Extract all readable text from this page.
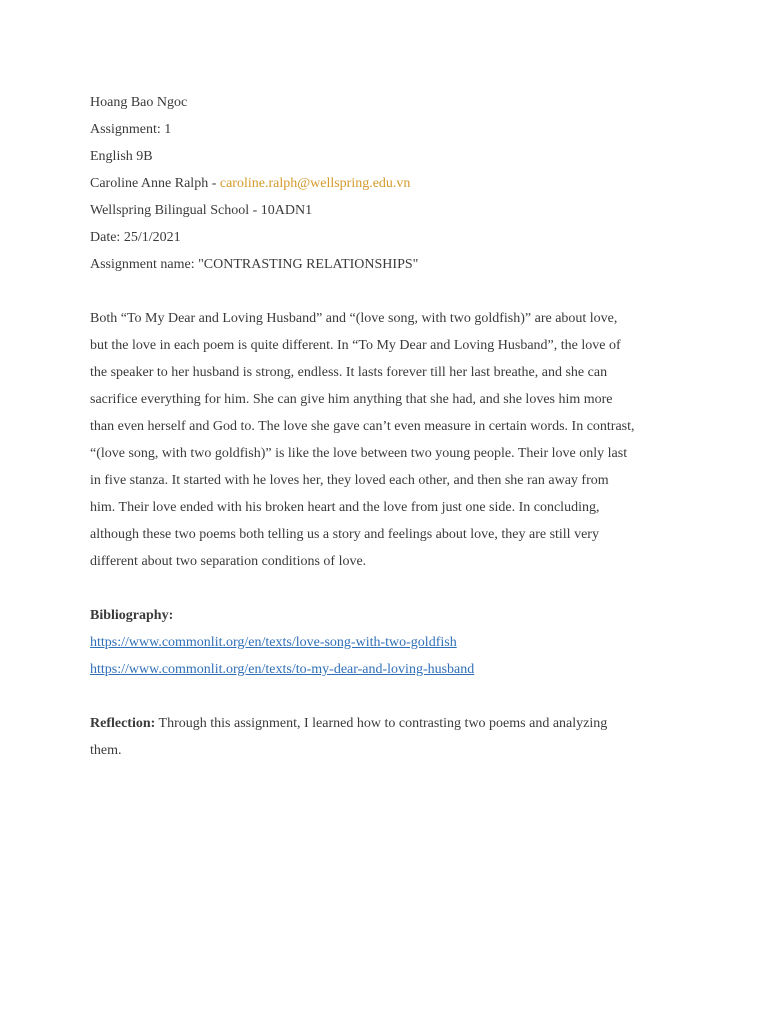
Hoang Bao Ngoc
Assignment: 1
English 9B
Caroline Anne Ralph - caroline.ralph@wellspring.edu.vn
Wellspring Bilingual School - 10ADN1
Date: 25/1/2021
Assignment name: "CONTRASTING RELATIONSHIPS"
Both “To My Dear and Loving Husband” and “(love song, with two goldfish)” are about love,
but the love in each poem is quite different. In “To My Dear and Loving Husband”, the love of
the speaker to her husband is strong, endless. It lasts forever till her last breathe, and she can
sacrifice everything for him. She can give him anything that she had, and she loves him more
than even herself and God to. The love she gave can’t even measure in certain words. In contrast,
“(love song, with two goldfish)” is like the love between two young people. Their love only last
in five stanza. It started with he loves her, they loved each other, and then she ran away from
him. Their love ended with his broken heart and the love from just one side. In concluding,
although these two poems both telling us a story and feelings about love, they are still very
different about two separation conditions of love.
Bibliography:
https://www.commonlit.org/en/texts/love-song-with-two-goldfish
https://www.commonlit.org/en/texts/to-my-dear-and-loving-husband
Reflection: Through this assignment, I learned how to contrasting two poems and analyzing
them.
